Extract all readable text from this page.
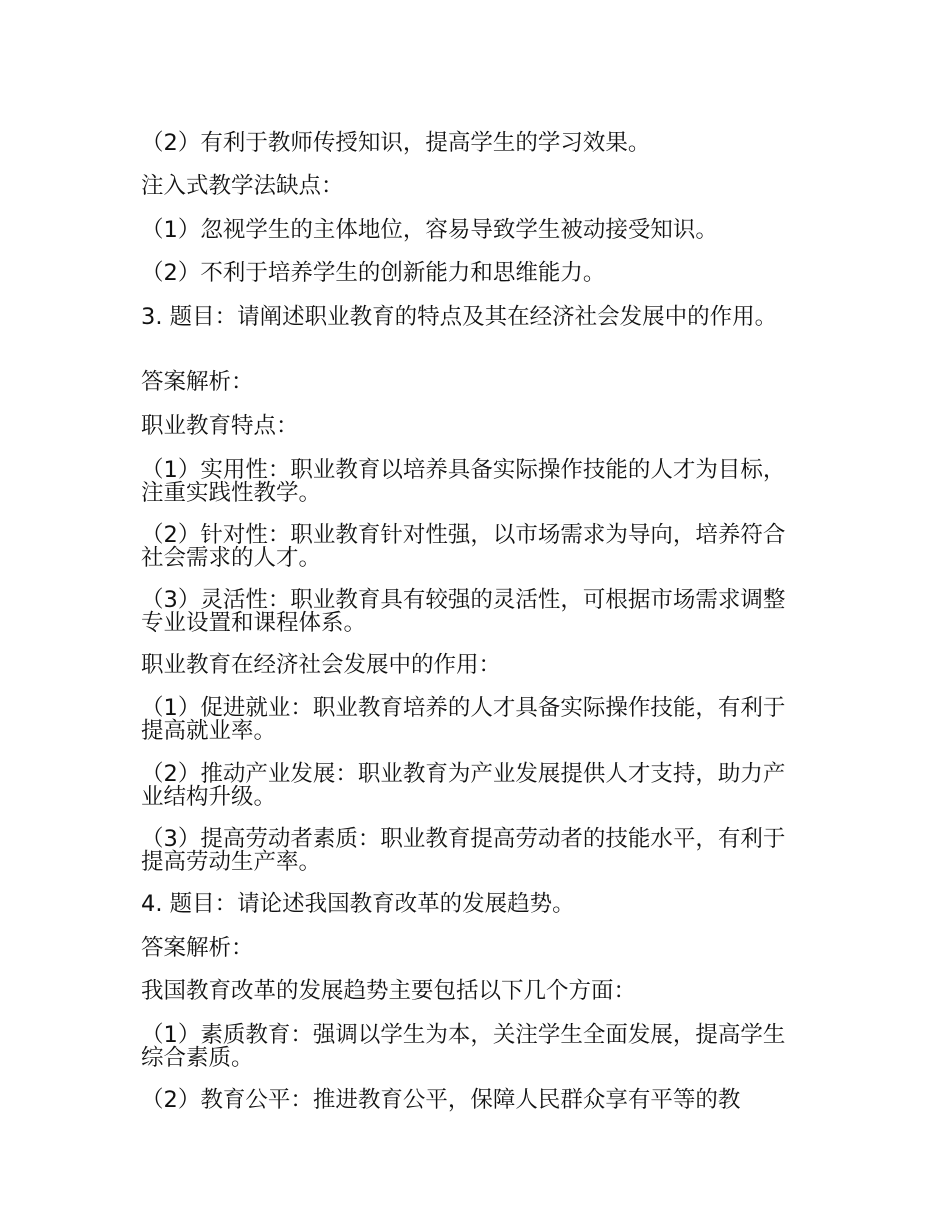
（2）有利于教师传授知识，提高学生的学习效果。

注入式教学法缺点：

（1）忽视学生的主体地位，容易导致学生被动接受知识。

（2）不利于培养学生的创新能力和思维能力。

3. 题目：请阐述职业教育的特点及其在经济社会发展中的作用。

答案解析：

职业教育特点：

（1）实用性：职业教育以培养具备实际操作技能的人才为目标，注重实践性教学。

（2）针对性：职业教育针对性强，以市场需求为导向，培养符合社会需求的人才。

（3）灵活性：职业教育具有较强的灵活性，可根据市场需求调整专业设置和课程体系。

职业教育在经济社会发展中的作用：

（1）促进就业：职业教育培养的人才具备实际操作技能，有利于提高就业率。

（2）推动产业发展：职业教育为产业发展提供人才支持，助力产业结构升级。

（3）提高劳动者素质：职业教育提高劳动者的技能水平，有利于提高劳动生产率。

4. 题目：请论述我国教育改革的发展趋势。

答案解析：

我国教育改革的发展趋势主要包括以下几个方面：

（1）素质教育：强调以学生为本，关注学生全面发展，提高学生综合素质。

（2）教育公平：推进教育公平，保障人民群众享有平等的教
